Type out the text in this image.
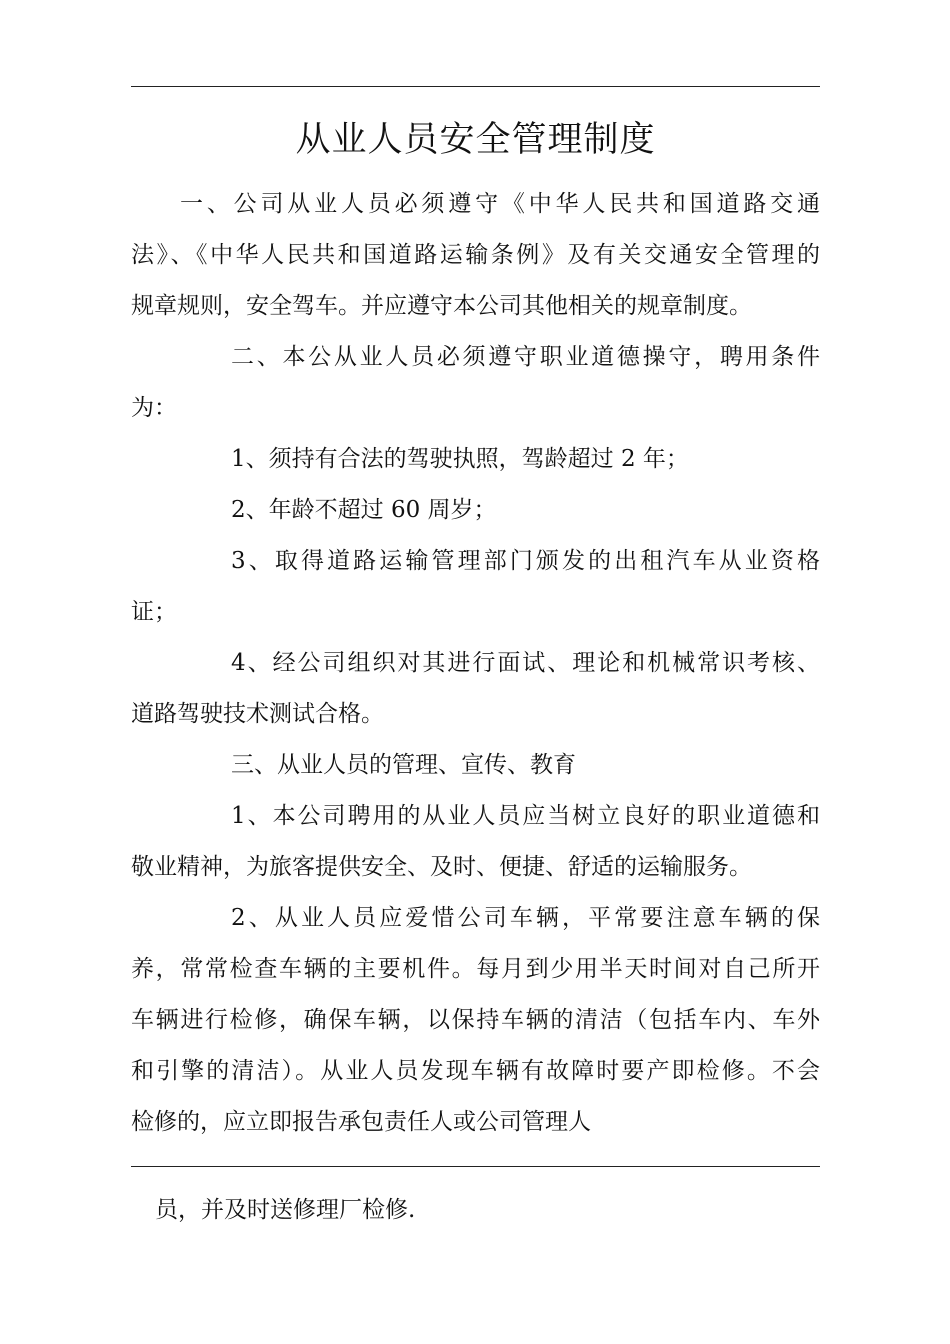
从业人员安全管理制度
一、公司从业人员必须遵守《中华人民共和国道路交通
法》、《中华人民共和国道路运输条例》及有关交通安全管理的
规章规则，安全驾车。并应遵守本公司其他相关的规章制度。
二、本公从业人员必须遵守职业道德操守，聘用条件
为：
1、须持有合法的驾驶执照，驾龄超过 2 年；
2、年龄不超过 60 周岁；
3、取得道路运输管理部门颁发的出租汽车从业资格
证；
4、经公司组织对其进行面试、理论和机械常识考核、
道路驾驶技术测试合格。
三、从业人员的管理、宣传、教育
1、本公司聘用的从业人员应当树立良好的职业道德和
敬业精神，为旅客提供安全、及时、便捷、舒适的运输服务。
2、从业人员应爱惜公司车辆，平常要注意车辆的保
养，常常检查车辆的主要机件。每月到少用半天时间对自己所开
车辆进行检修，确保车辆，以保持车辆的清洁（包括车内、车外
和引擎的清洁）。从业人员发现车辆有故障时要产即检修。不会
检修的，应立即报告承包责任人或公司管理人
员，并及时送修理厂检修.
